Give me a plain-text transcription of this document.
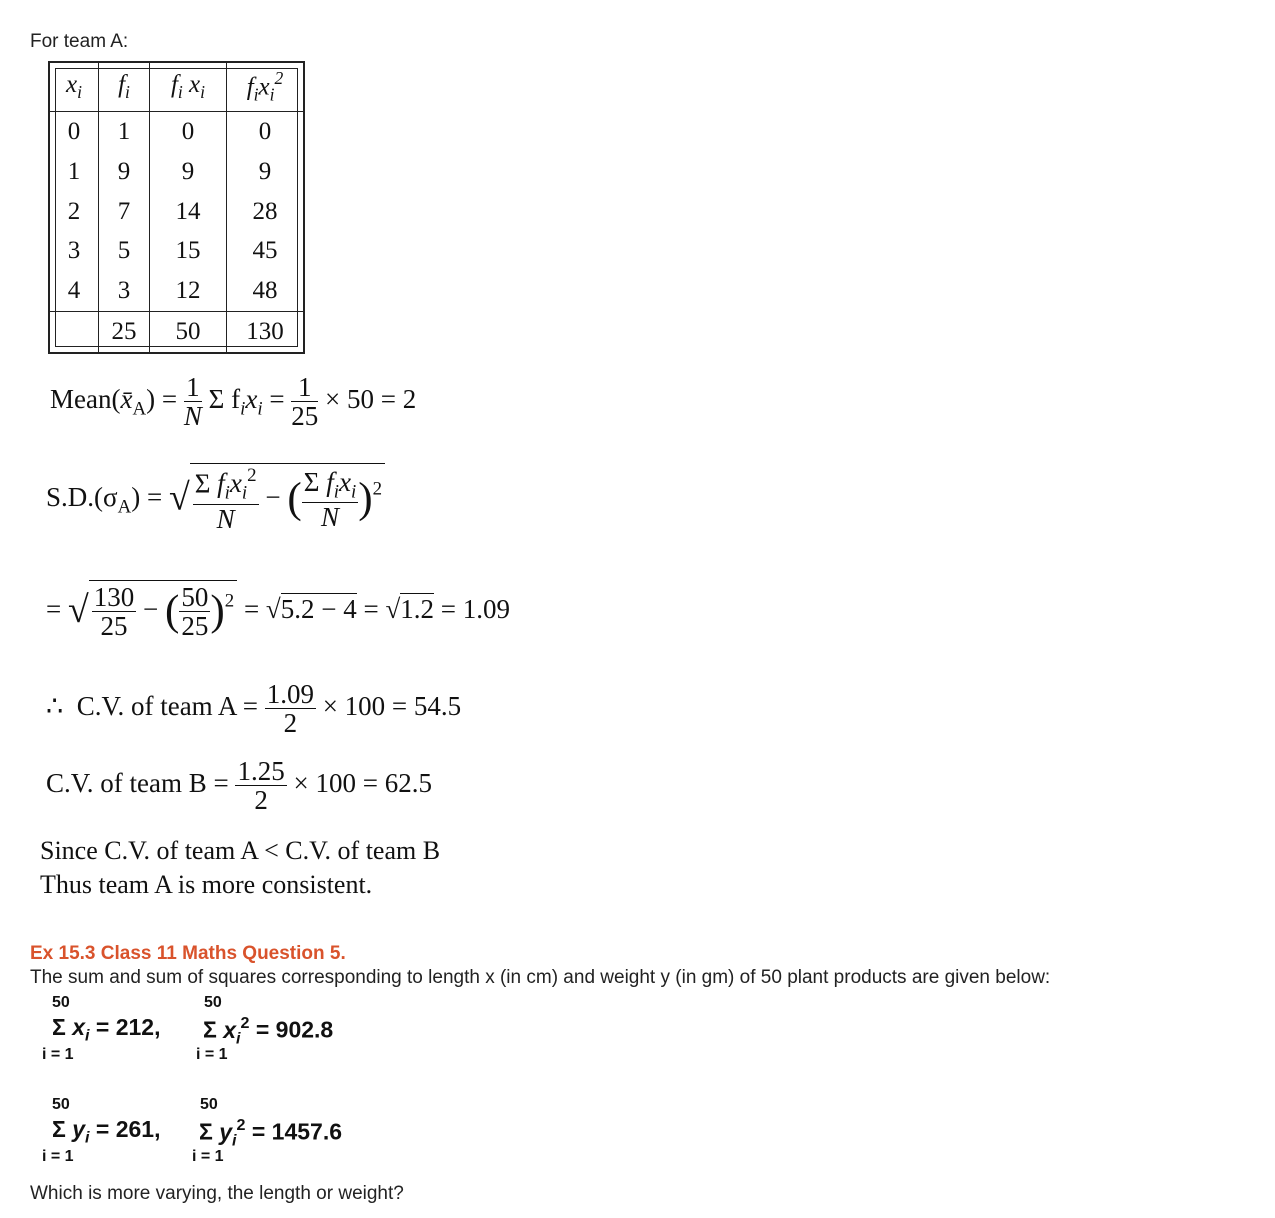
For team A:
$x_i$	$f_i$	$f_i$ $x_i$	$f_ix_i^2$
0	1	0	0
1	9	9	9
2	7	14	28
3	5	15	45
4	3	12	48
	25	50	130
$Mean(x̄_A) = \frac{1}{N}$ Σ $f_ix_i = \frac{1}{25} \times 50 = 2$
$S.D.(\sigma_A)$ = √ $\frac{\Sigma f_ix_i^2}{N}$ − ( $\frac{\Sigma f_ix_i}{N} )^2$
= √ $\frac{130}{25}$ − ( $\frac{50}{25} )^2 = √5.2 - 4 = √1.2 = 1.09$
∴ C.V. of team $A = \frac{1.09}{2} \times 100 = 54.5$
C.V. of team $B = \frac{1.25}{2} \times 100 = 62.5$
Since C.V. of team A < C.V. of team B
Thus team A is more consistent.
Ex 15.3 Class 11 Maths Question 5.
The sum and sum of squares corresponding to length x (in cm) and weight y (in gm) of 50 plant products are given below:
50
i = 1
Σ $x_i = 212$,
50
i = 1
Σ $x_i^2 = 902.8$
50
i = 1
Σ $y_i = 261$,
50
i = 1
Σ $y_i^2 = 1457.6$
Which is more varying, the length or weight?
